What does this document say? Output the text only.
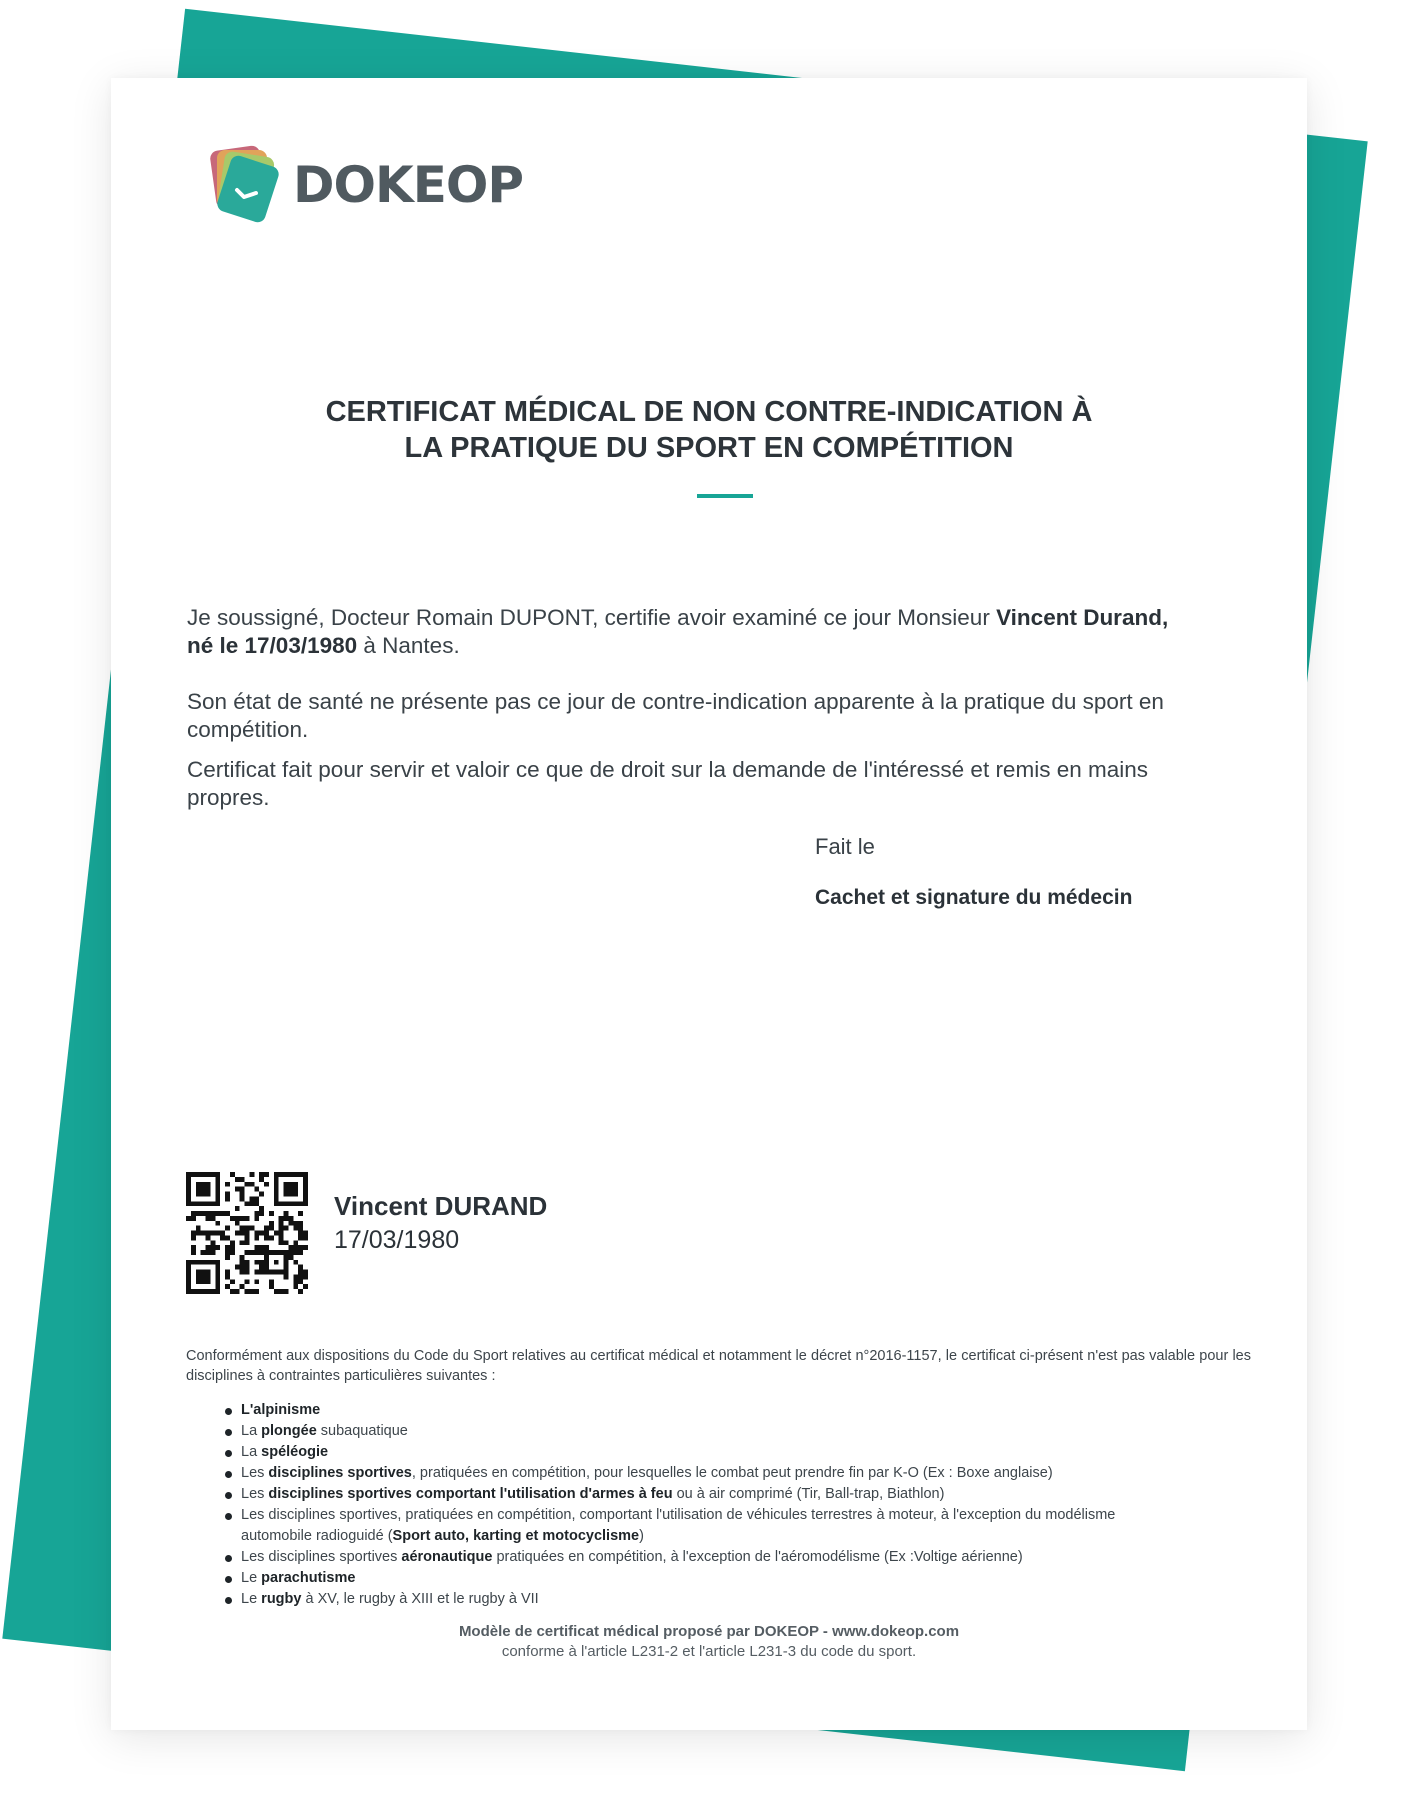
DOKEOP
CERTIFICAT MÉDICAL DE NON CONTRE-INDICATION À
LA PRATIQUE DU SPORT EN COMPÉTITION
Je soussigné, Docteur Romain DUPONT, certifie avoir examiné ce jour Monsieur Vincent Durand,
né le 17/03/1980 à Nantes.
Son état de santé ne présente pas ce jour de contre-indication apparente à la pratique du sport en compétition.
Certificat fait pour servir et valoir ce que de droit sur la demande de l'intéressé et remis en mains propres.
Fait le
Cachet et signature du médecin
Vincent DURAND
17/03/1980
Conformément aux dispositions du Code du Sport relatives au certificat médical et notamment le décret n°2016-1157, le certificat ci-présent n'est pas valable pour les disciplines à contraintes particulières suivantes :
L'alpinisme
La plongée subaquatique
La spéléogie
Les disciplines sportives, pratiquées en compétition, pour lesquelles le combat peut prendre fin par K-O (Ex : Boxe anglaise)
Les disciplines sportives comportant l'utilisation d'armes à feu ou à air comprimé (Tir, Ball-trap, Biathlon)
Les disciplines sportives, pratiquées en compétition, comportant l'utilisation de véhicules terrestres à moteur, à l'exception du modélisme automobile radioguidé (Sport auto, karting et motocyclisme)
Les disciplines sportives aéronautique pratiquées en compétition, à l'exception de l'aéromodélisme (Ex :Voltige aérienne)
Le parachutisme
Le rugby à XV, le rugby à XIII et le rugby à VII
Modèle de certificat médical proposé par DOKEOP - www.dokeop.com
conforme à l'article L231-2 et l'article L231-3 du code du sport.
